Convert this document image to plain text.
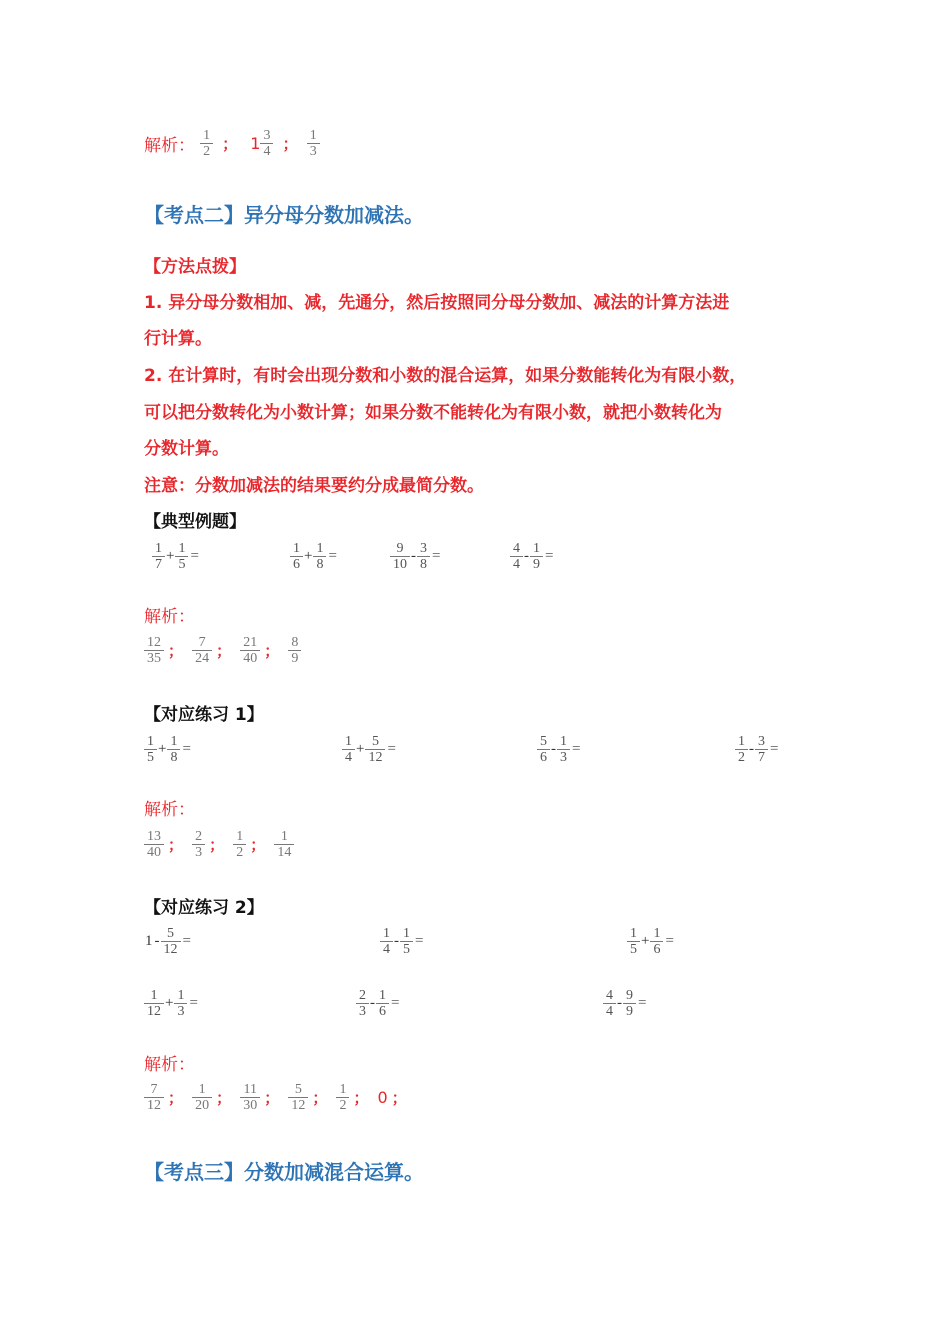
解析： $\frac{1}{2}$ ； $1 \frac{3}{4}$ ； $\frac{1}{3}$
【考点二】异分母分数加减法。
【方法点拨】
1. 异分母分数相加、减，先通分，然后按照同分母分数加、减法的计算方法进
行计算。
2. 在计算时，有时会出现分数和小数的混合运算，如果分数能转化为有限小数，
可以把分数转化为小数计算；如果分数不能转化为有限小数，就把小数转化为
分数计算。
注意：分数加减法的结果要约分成最简分数。
【典型例题】
$\frac{1}{7} + \frac{1}{5}$ =	$\frac{1}{6} + \frac{1}{8}$ =	$\frac{9}{10} - \frac{3}{8}$ =	$\frac{4}{4} - \frac{1}{9}$ =
解析：
$\frac{12}{35}$ ； $\frac{7}{24}$ ； $\frac{21}{40}$ ； $\frac{8}{9}$
【对应练习 1】
$\frac{1}{5} + \frac{1}{8}$ =	$\frac{1}{4} + \frac{5}{12}$ =	$\frac{5}{6} - \frac{1}{3}$ =	$\frac{1}{2} - \frac{3}{7}$ =
解析：
$\frac{13}{40}$ ； $\frac{2}{3}$ ； $\frac{1}{2}$ ； $\frac{1}{14}$
【对应练习 2】
$1 - \frac{5}{12}$ =	$\frac{1}{4} - \frac{1}{5}$ =	$\frac{1}{5} + \frac{1}{6}$ =
$\frac{1}{12} + \frac{1}{3}$ =	$\frac{2}{3} - \frac{1}{6}$ =	$\frac{4}{4} - \frac{9}{9}$ =
解析：
$\frac{7}{12}$ ； $\frac{1}{20}$ ； $\frac{11}{30}$ ； $\frac{5}{12}$ ； $\frac{1}{2}$ ； 0 ；
【考点三】分数加减混合运算。
